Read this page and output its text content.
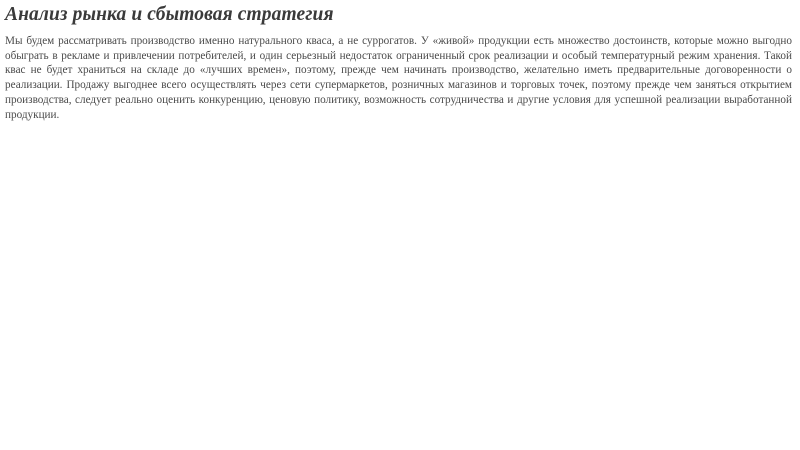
Анализ рынка и сбытовая стратегия

Мы будем рассматривать производство именно натурального кваса, а не суррогатов. У «живой» продукции есть множество достоинств, которые можно выгодно обыграть в рекламе и привлечении потребителей, и один серьезный недостаток ограниченный срок реализации и особый температурный режим хранения. Такой квас не будет храниться на складе до «лучших времен», поэтому, прежде чем начинать производство, желательно иметь предварительные договоренности о реализации. Продажу выгоднее всего осуществлять через сети супермаркетов, розничных магазинов и торговых точек, поэтому прежде чем заняться открытием производства, следует реально оценить конкуренцию, ценовую политику, возможность сотрудничества и другие условия для успешной реализации выработанной продукции.
